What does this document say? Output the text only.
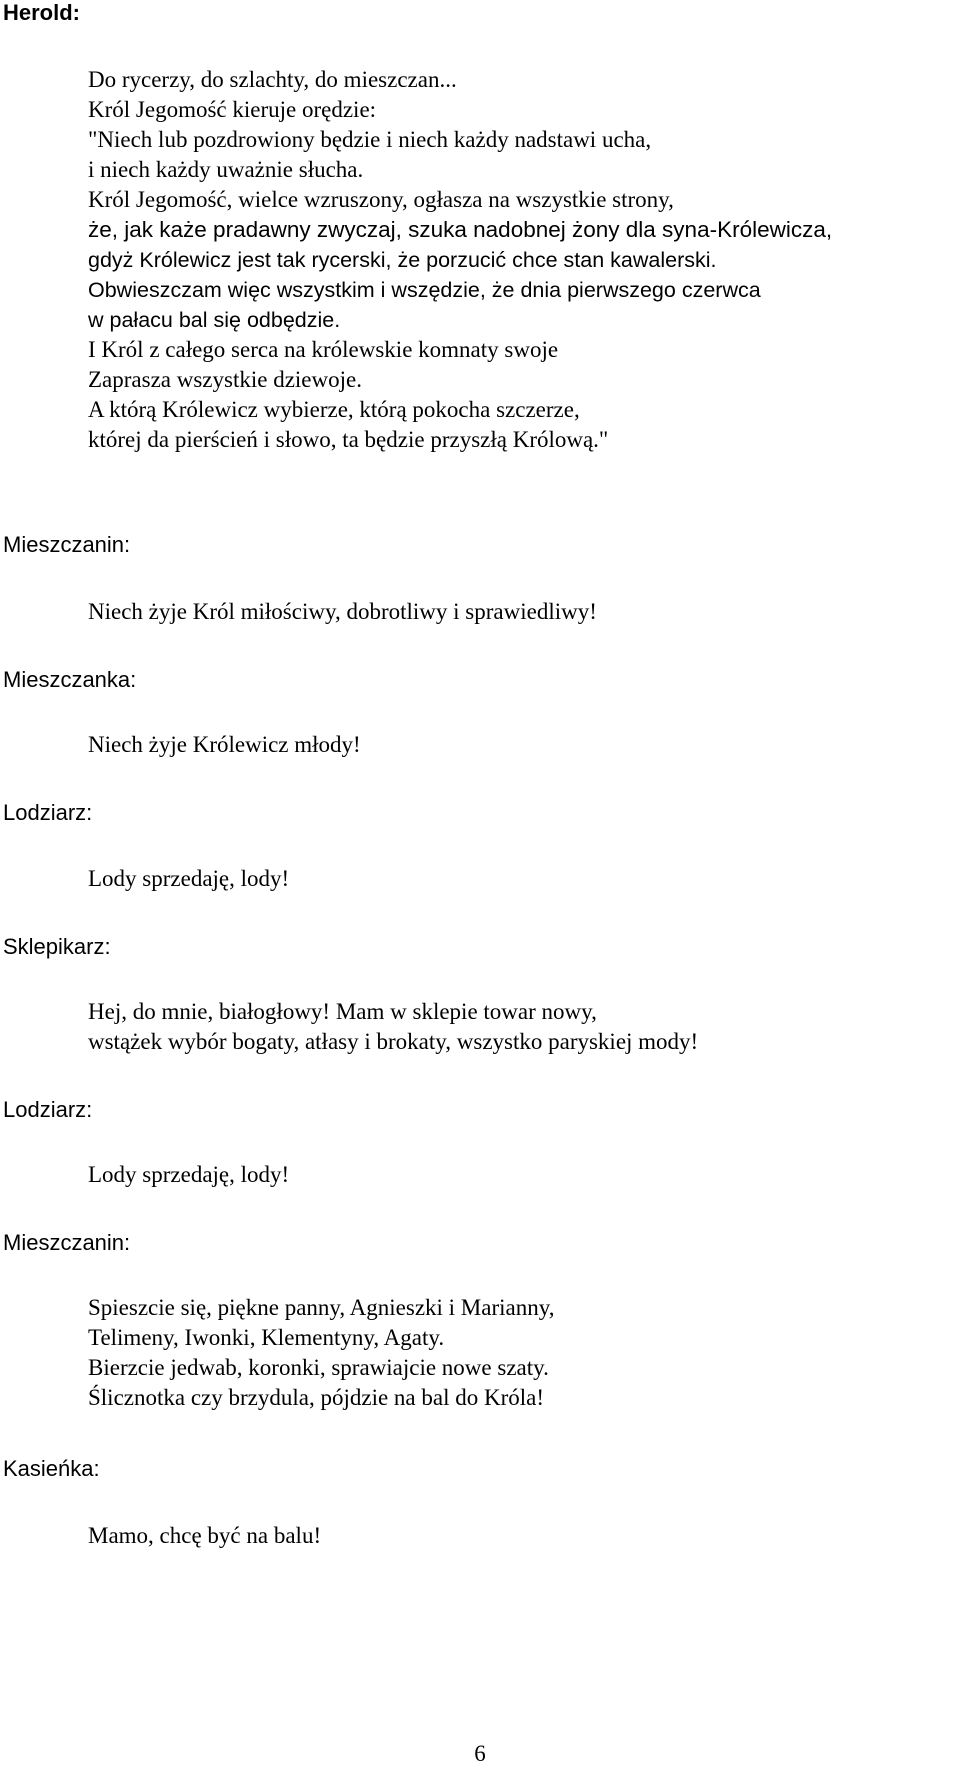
Herold:
Do rycerzy, do szlachty, do mieszczan...
Król Jegomość kieruje orędzie:
"Niech lub pozdrowiony będzie i niech każdy nadstawi ucha,
i niech każdy uważnie słucha.
Król Jegomość, wielce wzruszony, ogłasza na wszystkie strony,
że, jak każe pradawny zwyczaj, szuka nadobnej żony dla syna-Królewicza,
gdyż Królewicz jest tak rycerski, że porzucić chce stan kawalerski.
Obwieszczam więc wszystkim i wszędzie, że dnia pierwszego czerwca
w pałacu bal się odbędzie.
I Król z całego serca na królewskie komnaty swoje
Zaprasza wszystkie dziewoje.
A którą Królewicz wybierze, którą pokocha szczerze,
której da pierścień i słowo, ta będzie przyszłą Królową."
Mieszczanin:
Niech żyje Król miłościwy, dobrotliwy i sprawiedliwy!
Mieszczanka:
Niech żyje Królewicz młody!
Lodziarz:
Lody sprzedaję, lody!
Sklepikarz:
Hej, do mnie, białogłowy! Mam w sklepie towar nowy,
wstążek wybór bogaty, atłasy i brokaty, wszystko paryskiej mody!
Lodziarz:
Lody sprzedaję, lody!
Mieszczanin:
Spieszcie się, piękne panny, Agnieszki i Marianny,
Telimeny, Iwonki, Klementyny, Agaty.
Bierzcie jedwab, koronki, sprawiajcie nowe szaty.
Ślicznotka czy brzydula, pójdzie na bal do Króla!
Kasieńka:
Mamo, chcę być na balu!
6
